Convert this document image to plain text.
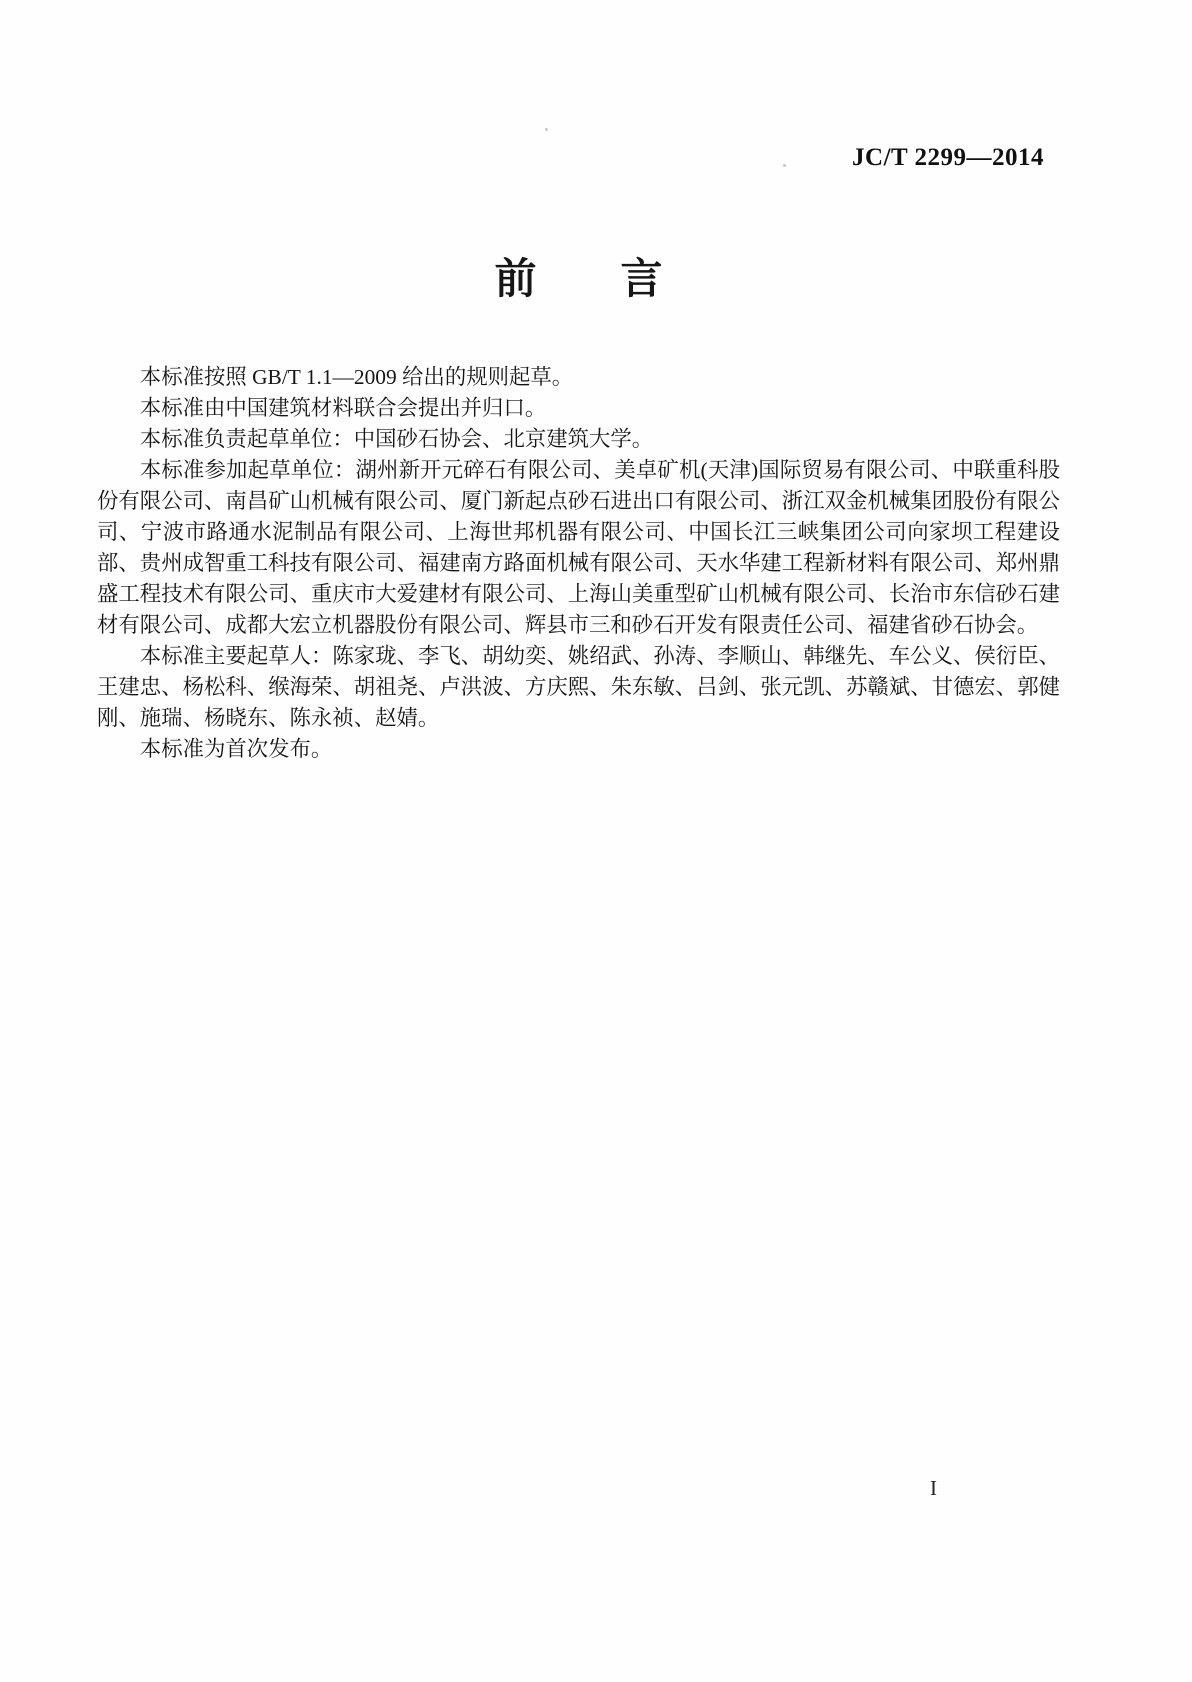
JC/T 2299—2014
前　　言

本标准按照 GB/T 1.1—2009 给出的规则起草。

本标准由中国建筑材料联合会提出并归口。

本标准负责起草单位：中国砂石协会、北京建筑大学。

本标准参加起草单位：湖州新开元碎石有限公司、美卓矿机(天津)国际贸易有限公司、中联重科股份有限公司、南昌矿山机械有限公司、厦门新起点砂石进出口有限公司、浙江双金机械集团股份有限公司、宁波市路通水泥制品有限公司、上海世邦机器有限公司、中国长江三峡集团公司向家坝工程建设部、贵州成智重工科技有限公司、福建南方路面机械有限公司、天水华建工程新材料有限公司、郑州鼎盛工程技术有限公司、重庆市大爱建材有限公司、上海山美重型矿山机械有限公司、长治市东信砂石建材有限公司、成都大宏立机器股份有限公司、辉县市三和砂石开发有限责任公司、福建省砂石协会。

本标准主要起草人：陈家珑、李飞、胡幼奕、姚绍武、孙涛、李顺山、韩继先、车公义、侯衍臣、王建忠、杨松科、缑海荣、胡祖尧、卢洪波、方庆熙、朱东敏、吕剑、张元凯、苏赣斌、甘德宏、郭健刚、施瑞、杨晓东、陈永祯、赵婧。

本标准为首次发布。

I
